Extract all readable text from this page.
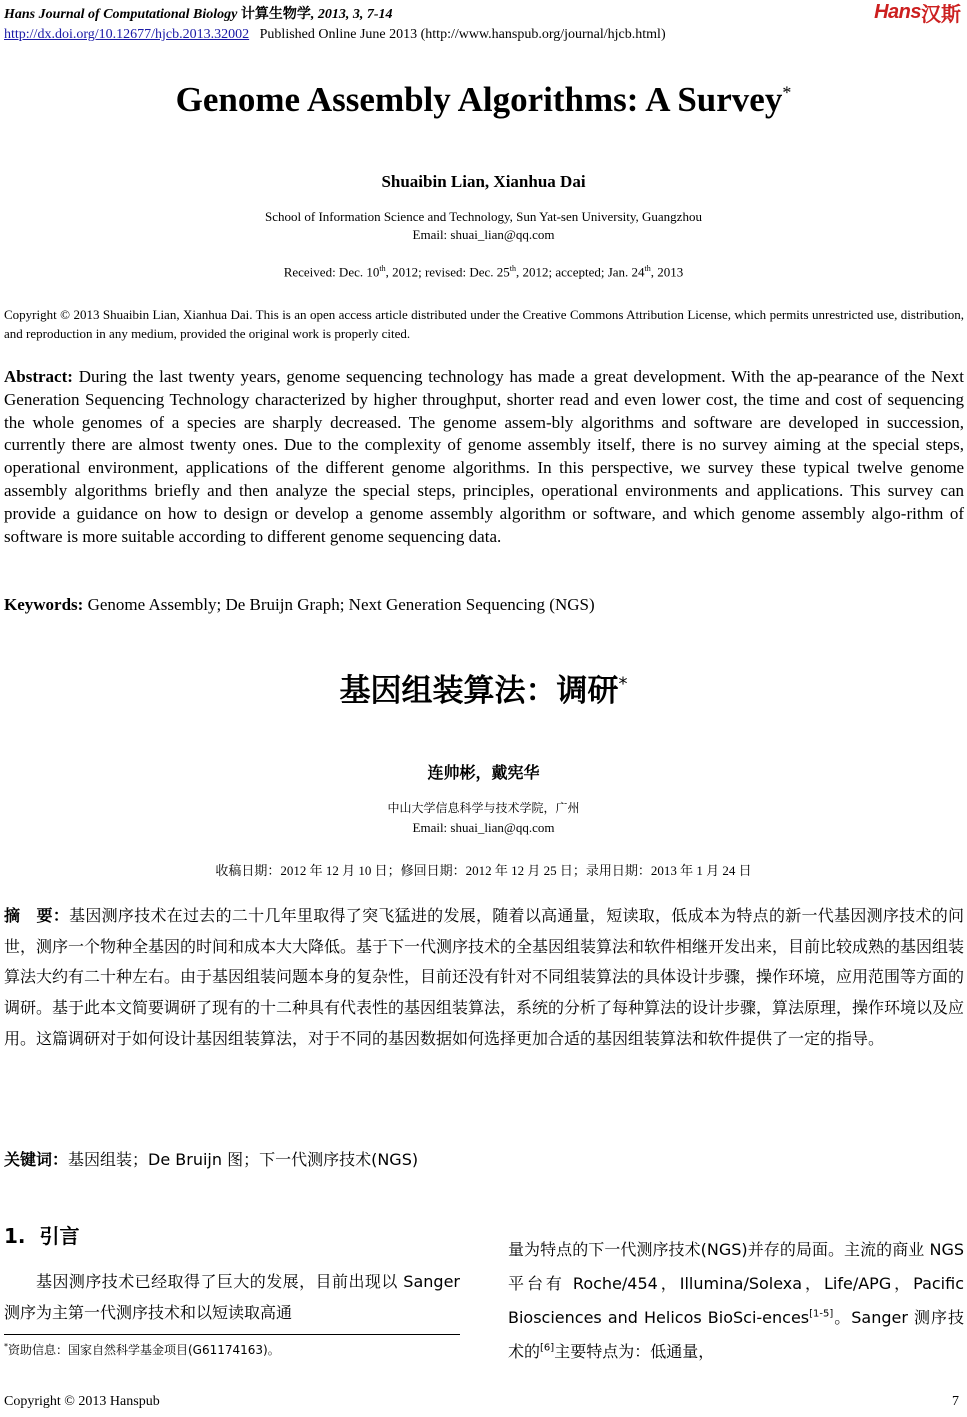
Hans Journal of Computational Biology 计算生物学, 2013, 3, 7-14
http://dx.doi.org/10.12677/hjcb.2013.32002 Published Online June 2013 (http://www.hanspub.org/journal/hjcb.html)
Hans 汉斯
Genome Assembly Algorithms: A Survey*
Shuaibin Lian, Xianhua Dai
School of Information Science and Technology, Sun Yat-sen University, Guangzhou
Email: shuai_lian@qq.com
Received: Dec. 10th, 2012; revised: Dec. 25th, 2012; accepted; Jan. 24th, 2013
Copyright © 2013 Shuaibin Lian, Xianhua Dai. This is an open access article distributed under the Creative Commons Attribution License, which permits unrestricted use, distribution, and reproduction in any medium, provided the original work is properly cited.
Abstract: During the last twenty years, genome sequencing technology has made a great development. With the ap-pearance of the Next Generation Sequencing Technology characterized by higher throughput, shorter read and even lower cost, the time and cost of sequencing the whole genomes of a species are sharply decreased. The genome assem-bly algorithms and software are developed in succession, currently there are almost twenty ones. Due to the complexity of genome assembly itself, there is no survey aiming at the special steps, operational environment, applications of the different genome algorithms. In this perspective, we survey these typical twelve genome assembly algorithms briefly and then analyze the special steps, principles, operational environments and applications. This survey can provide a guidance on how to design or develop a genome assembly algorithm or software, and which genome assembly algo-rithm of software is more suitable according to different genome sequencing data.
Keywords: Genome Assembly; De Bruijn Graph; Next Generation Sequencing (NGS)
基因组装算法：调研*
连帅彬，戴宪华
中山大学信息科学与技术学院，广州
Email: shuai_lian@qq.com
收稿日期：2012 年 12 月 10 日；修回日期：2012 年 12 月 25 日；录用日期：2013 年 1 月 24 日
摘　要：基因测序技术在过去的二十几年里取得了突飞猛进的发展，随着以高通量，短读取，低成本为特点的新一代基因测序技术的问世，测序一个物种全基因的时间和成本大大降低。基于下一代测序技术的全基因组装算法和软件相继开发出来，目前比较成熟的基因组装算法大约有二十种左右。由于基因组装问题本身的复杂性，目前还没有针对不同组装算法的具体设计步骤，操作环境，应用范围等方面的调研。基于此本文简要调研了现有的十二种具有代表性的基因组装算法，系统的分析了每种算法的设计步骤，算法原理，操作环境以及应用。这篇调研对于如何设计基因组装算法，对于不同的基因数据如何选择更加合适的基因组装算法和软件提供了一定的指导。
关键词：基因组装；De Bruijn 图；下一代测序技术(NGS)
1. 引言
基因测序技术已经取得了巨大的发展，目前出现以 Sanger 测序为主第一代测序技术和以短读取高通
*资助信息：国家自然科学基金项目(G61174163)。
量为特点的下一代测序技术(NGS)并存的局面。主流的商业 NGS 平台有 Roche/454，Illumina/Solexa，Life/APG，Pacific Biosciences and Helicos BioSci-ences[1-5]。Sanger 测序技术的[6]主要特点为：低通量，
Copyright © 2013 Hanspub	7
